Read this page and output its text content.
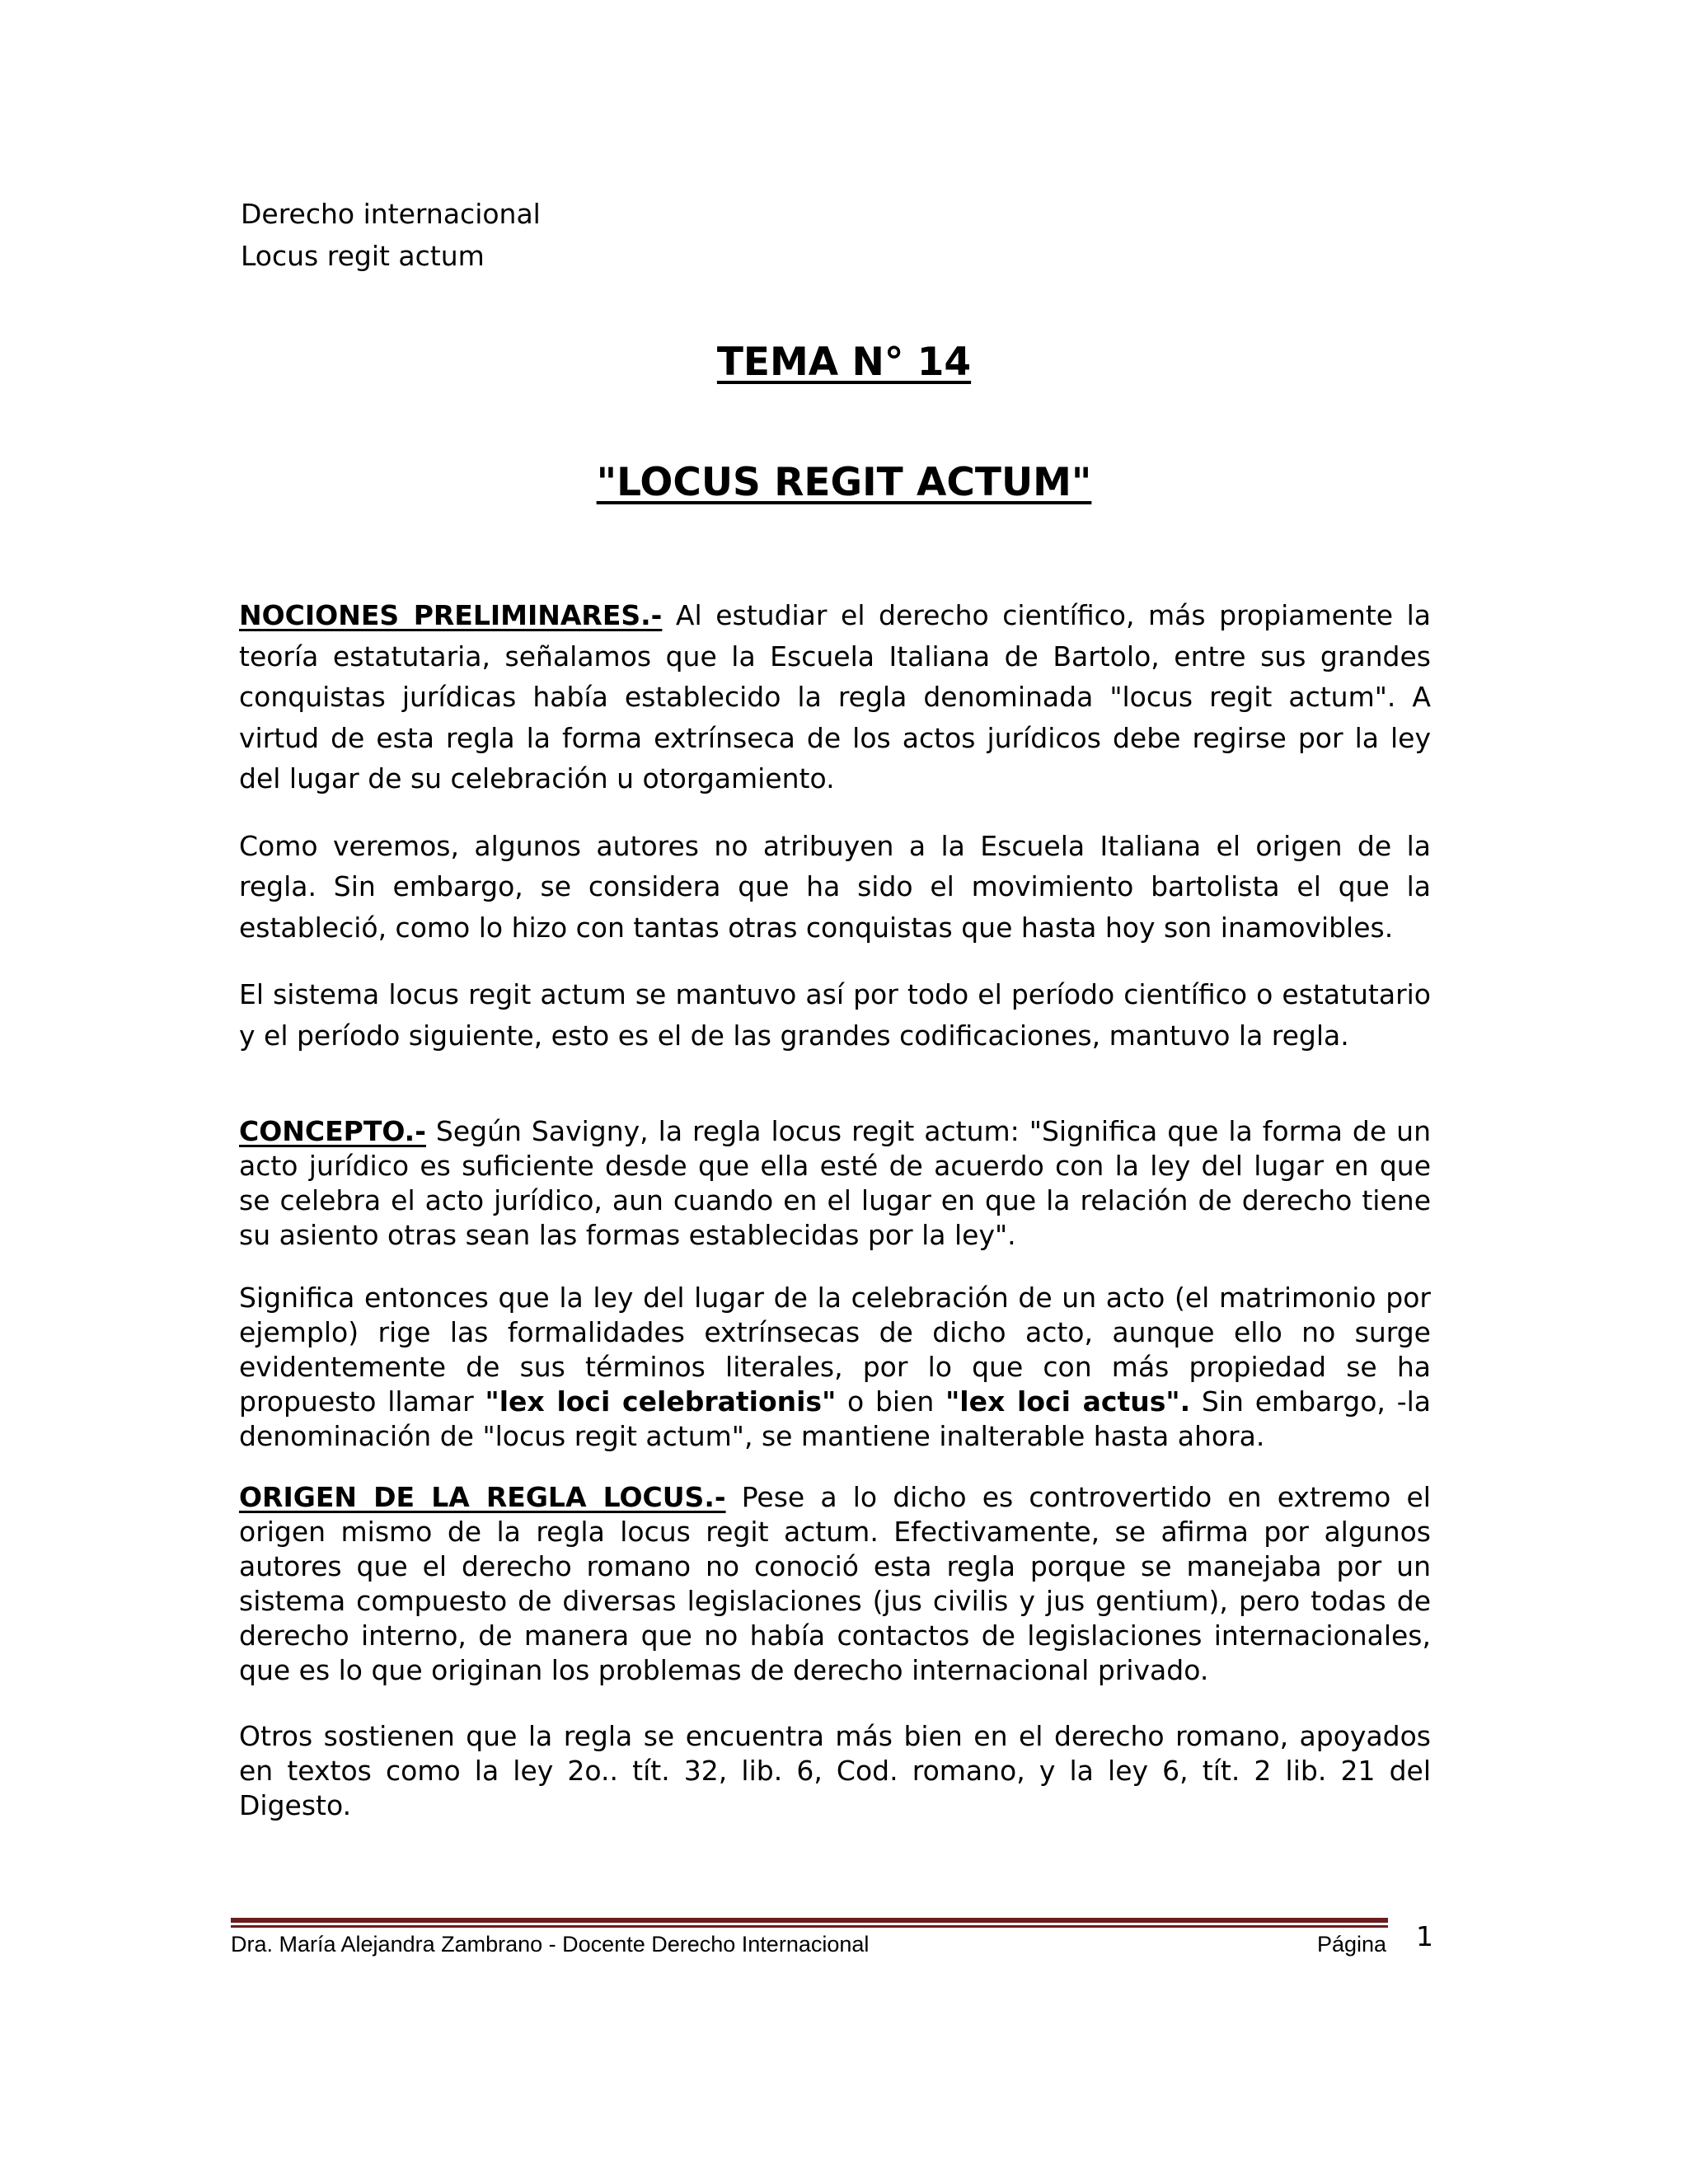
Derecho internacional
Locus regit actum
TEMA N° 14
"LOCUS REGIT ACTUM"

NOCIONES PRELIMINARES.- Al estudiar el derecho científico, más propiamente la teoría estatutaria, señalamos que la Escuela Italiana de Bartolo, entre sus grandes conquistas jurídicas había establecido la regla denominada "locus regit actum". A virtud de esta regla la forma extrínseca de los actos jurídicos debe regirse por la ley del lugar de su celebración u otorgamiento.

Como veremos, algunos autores no atribuyen a la Escuela Italiana el origen de la regla. Sin embargo, se considera que ha sido el movimiento bartolista el que la estableció, como lo hizo con tantas otras conquistas que hasta hoy son inamovibles.

El sistema locus regit actum se mantuvo así por todo el período científico o estatutario y el período siguiente, esto es el de las grandes codificaciones, mantuvo la regla.

CONCEPTO.- Según Savigny, la regla locus regit actum: "Significa que la forma de un acto jurídico es suficiente desde que ella esté de acuerdo con la ley del lugar en que se celebra el acto jurídico, aun cuando en el lugar en que la relación de derecho tiene su asiento otras sean las formas establecidas por la ley".

Significa entonces que la ley del lugar de la celebración de un acto (el matrimonio por ejemplo) rige las formalidades extrínsecas de dicho acto, aunque ello no surge evidentemente de sus términos literales, por lo que con más propiedad se ha propuesto llamar "lex loci celebrationis" o bien "lex loci actus". Sin embargo, -la denominación de "locus regit actum", se mantiene inalterable hasta ahora.

ORIGEN DE LA REGLA LOCUS.- Pese a lo dicho es controvertido en extremo el origen mismo de la regla locus regit actum. Efectivamente, se afirma por algunos autores que el derecho romano no conoció esta regla porque se manejaba por un sistema compuesto de diversas legislaciones (jus civilis y jus gentium), pero todas de derecho interno, de manera que no había contactos de legislaciones internacionales, que es lo que originan los problemas de derecho internacional privado.

Otros sostienen que la regla se encuentra más bien en el derecho romano, apoyados en textos como la ley 2o.. tít. 32, lib. 6, Cod. romano, y la ley 6, tít. 2 lib. 21 del Digesto.

Dra. María Alejandra Zambrano - Docente Derecho Internacional	Página 1
